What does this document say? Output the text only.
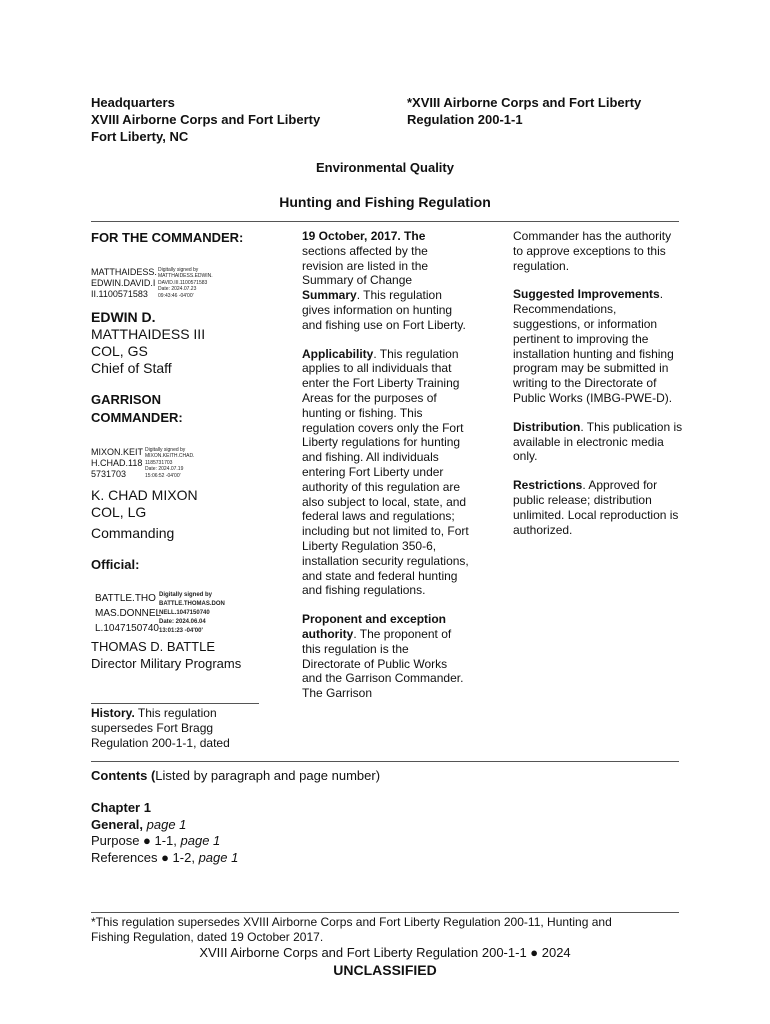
Headquarters
XVIII Airborne Corps and Fort Liberty
Fort Liberty, NC
*XVIII Airborne Corps and Fort Liberty
Regulation 200-1-1
Environmental Quality
Hunting and Fishing Regulation
FOR THE COMMANDER:
MATTHAIDESS.
EDWIN.DAVID.I
II.1100571583
Digitally signed by
MATTHAIDESS.EDWIN.
DAVID.III.1100571583
Date: 2024.07.23
09:43:46 -04'00'
EDWIN D.
MATTHAIDESS III
COL, GS
Chief of Staff
GARRISON
COMMANDER:
MIXON.KEIT
H.CHAD.118
5731703
Digitally signed by
MIXON.KEITH.CHAD.
1185731703
Date: 2024.07.19
15:06:52 -04'00'
K. CHAD MIXON
COL, LG
Commanding
Official:
BATTLE.THO
MAS.DONNEL
L.1047150740
Digitally signed by
BATTLE.THOMAS.DON
NELL.1047150740
Date: 2024.06.04
13:01:23 -04'00'
THOMAS D. BATTLE
Director Military Programs
History. This regulation supersedes Fort Bragg Regulation 200-1-1, dated

19 October, 2017. The sections affected by the revision are listed in the Summary of Change Summary. This regulation gives information on hunting and fishing use on Fort Liberty.

Applicability. This regulation applies to all individuals that enter the Fort Liberty Training Areas for the purposes of hunting or fishing. This regulation covers only the Fort Liberty regulations for hunting and fishing. All individuals entering Fort Liberty under authority of this regulation are also subject to local, state, and federal laws and regulations; including but not limited to, Fort Liberty Regulation 350-6, installation security regulations, and state and federal hunting and fishing regulations.

Proponent and exception authority. The proponent of this regulation is the Directorate of Public Works and the Garrison Commander. The Garrison

Commander has the authority to approve exceptions to this regulation.

Suggested Improvements. Recommendations, suggestions, or information pertinent to improving the installation hunting and fishing program may be submitted in writing to the Directorate of Public Works (IMBG-PWE-D).

Distribution. This publication is available in electronic media only.

Restrictions. Approved for public release; distribution unlimited. Local reproduction is authorized.

Contents (Listed by paragraph and page number)
Chapter 1
General, page 1
Purpose ● 1-1, page 1
References ● 1-2, page 1
*This regulation supersedes XVIII Airborne Corps and Fort Liberty Regulation 200-11, Hunting and
Fishing Regulation, dated 19 October 2017.
XVIII Airborne Corps and Fort Liberty Regulation 200-1-1 ● 2024
UNCLASSIFIED
